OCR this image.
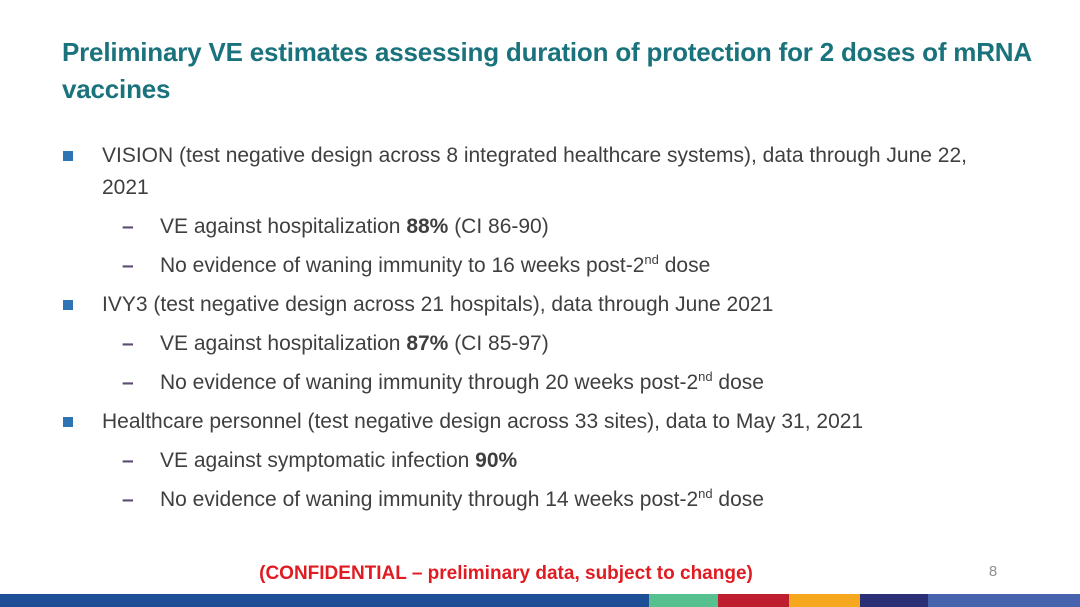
Preliminary VE estimates assessing duration of protection for 2 doses of mRNA vaccines
VISION (test negative design across 8 integrated healthcare systems), data through June 22, 2021
–	VE against hospitalization 88% (CI 86-90)
–	No evidence of waning immunity to 16 weeks post-2nd dose
IVY3 (test negative design across 21 hospitals), data through June 2021
–	VE against hospitalization 87% (CI 85-97)
–	No evidence of waning immunity through 20 weeks post-2nd dose
Healthcare personnel (test negative design across 33 sites), data to May 31, 2021
–	VE against symptomatic infection 90%
–	No evidence of waning immunity through 14 weeks post-2nd dose
(CONFIDENTIAL – preliminary data, subject to change)	8
